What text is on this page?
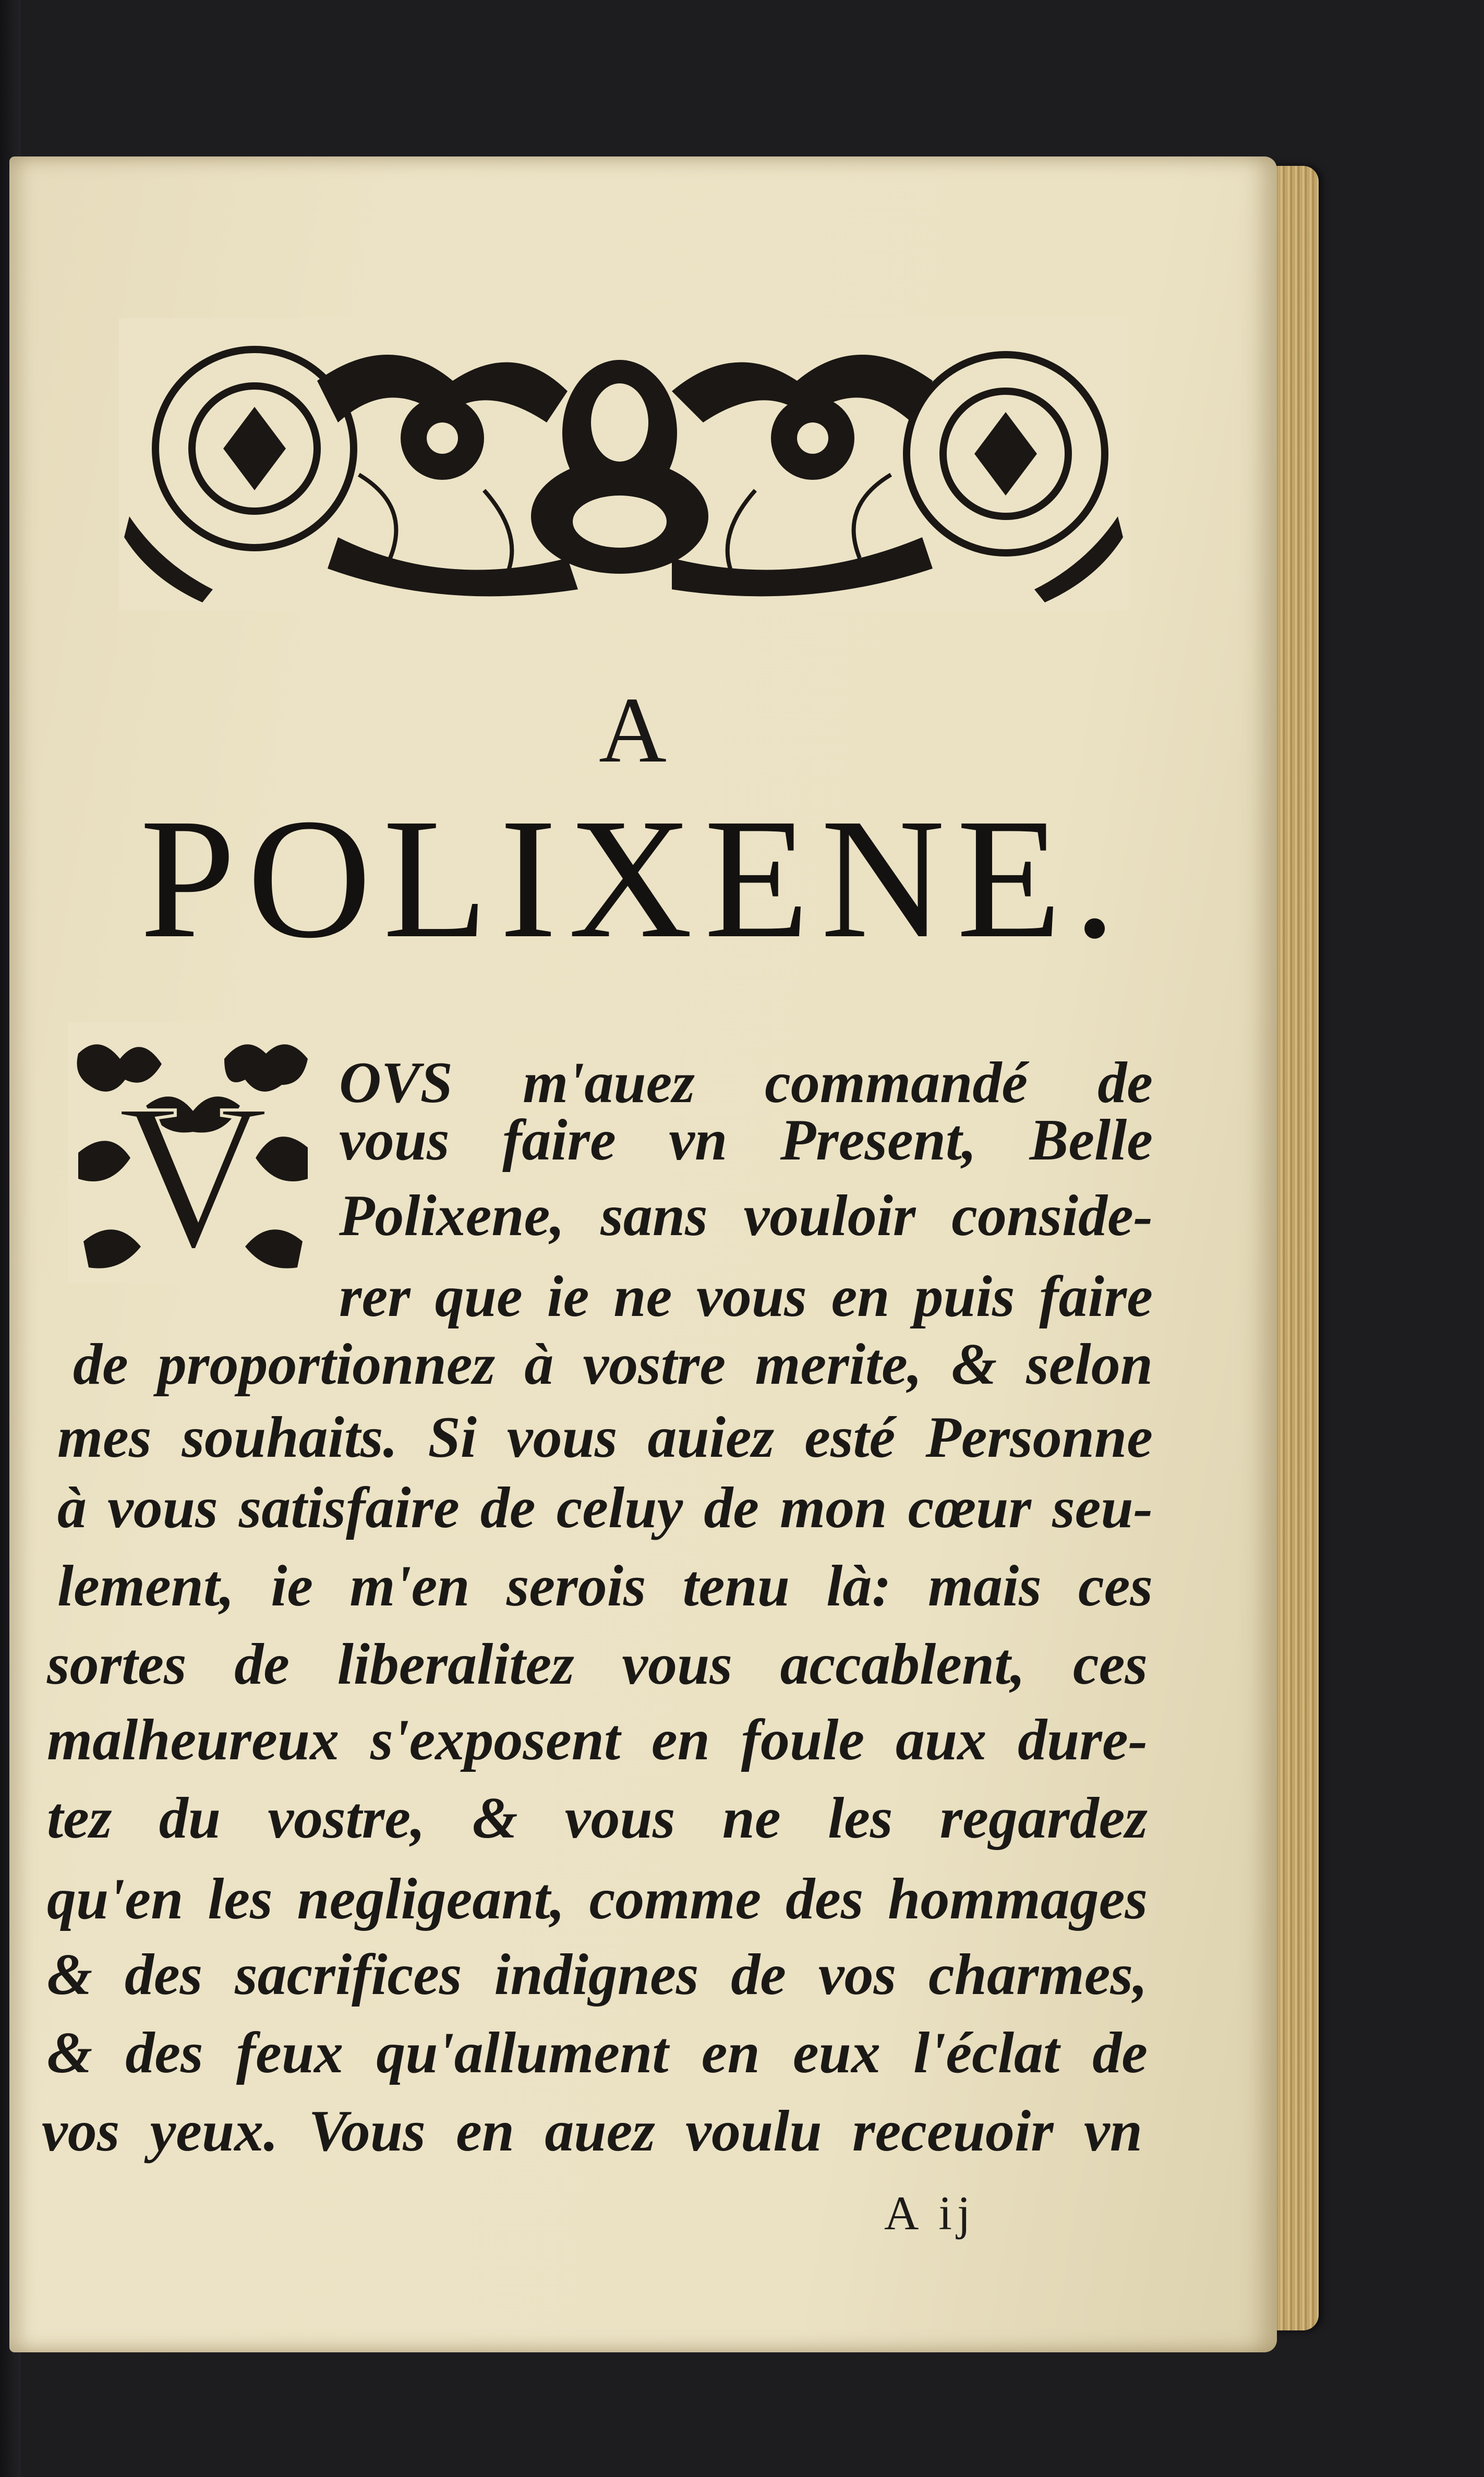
A
POLIXENE.
V OVS m'auez commandé de
vous faire vn Present, Belle
Polixene, sans vouloir conside-
rer que ie ne vous en puis faire
de proportionnez à vostre merite, & selon
mes souhaits. Si vous auiez esté Personne
à vous satisfaire de celuy de mon cœur seu-
lement, ie m'en serois tenu là: mais ces
sortes de liberalitez vous accablent, ces
malheureux s'exposent en foule aux dure-
tez du vostre, & vous ne les regardez
qu'en les negligeant, comme des hommages
& des sacrifices indignes de vos charmes,
& des feux qu'allument en eux l'éclat de
vos yeux. Vous en auez voulu receuoir vn
A ij
